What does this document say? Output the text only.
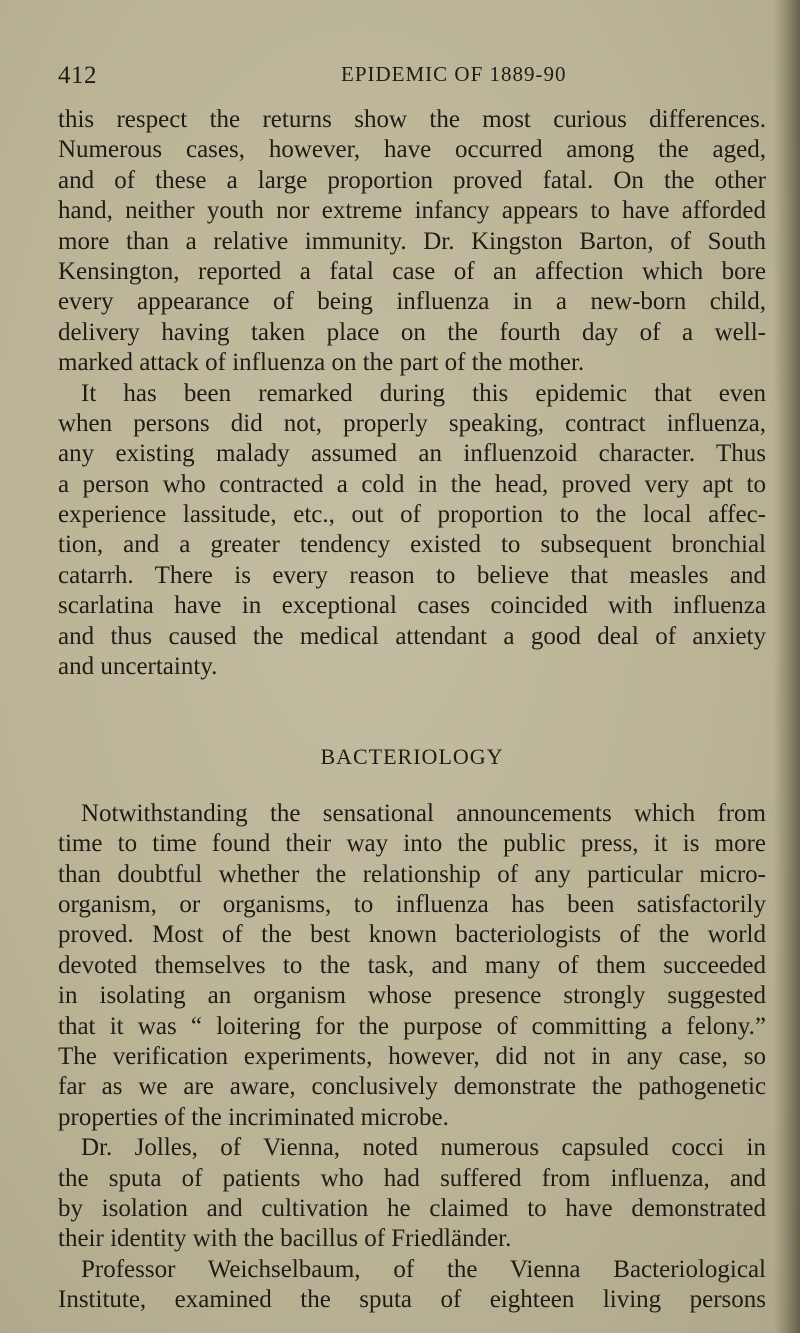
412	EPIDEMIC OF 1889-90
this respect the returns show the most curious differences.
Numerous cases, however, have occurred among the aged,
and of these a large proportion proved fatal. On the other
hand, neither youth nor extreme infancy appears to have afforded
more than a relative immunity. Dr. Kingston Barton, of South
Kensington, reported a fatal case of an affection which bore
every appearance of being influenza in a new-born child,
delivery having taken place on the fourth day of a well-
marked attack of influenza on the part of the mother.
It has been remarked during this epidemic that even
when persons did not, properly speaking, contract influenza,
any existing malady assumed an influenzoid character. Thus
a person who contracted a cold in the head, proved very apt to
experience lassitude, etc., out of proportion to the local affec-
tion, and a greater tendency existed to subsequent bronchial
catarrh. There is every reason to believe that measles and
scarlatina have in exceptional cases coincided with influenza
and thus caused the medical attendant a good deal of anxiety
and uncertainty.
BACTERIOLOGY
Notwithstanding the sensational announcements which from
time to time found their way into the public press, it is more
than doubtful whether the relationship of any particular micro-
organism, or organisms, to influenza has been satisfactorily
proved. Most of the best known bacteriologists of the world
devoted themselves to the task, and many of them succeeded
in isolating an organism whose presence strongly suggested
that it was “ loitering for the purpose of committing a felony.”
The verification experiments, however, did not in any case, so
far as we are aware, conclusively demonstrate the pathogenetic
properties of the incriminated microbe.
Dr. Jolles, of Vienna, noted numerous capsuled cocci in
the sputa of patients who had suffered from influenza, and
by isolation and cultivation he claimed to have demonstrated
their identity with the bacillus of Friedländer.
Professor Weichselbaum, of the Vienna Bacteriological
Institute, examined the sputa of eighteen living persons
